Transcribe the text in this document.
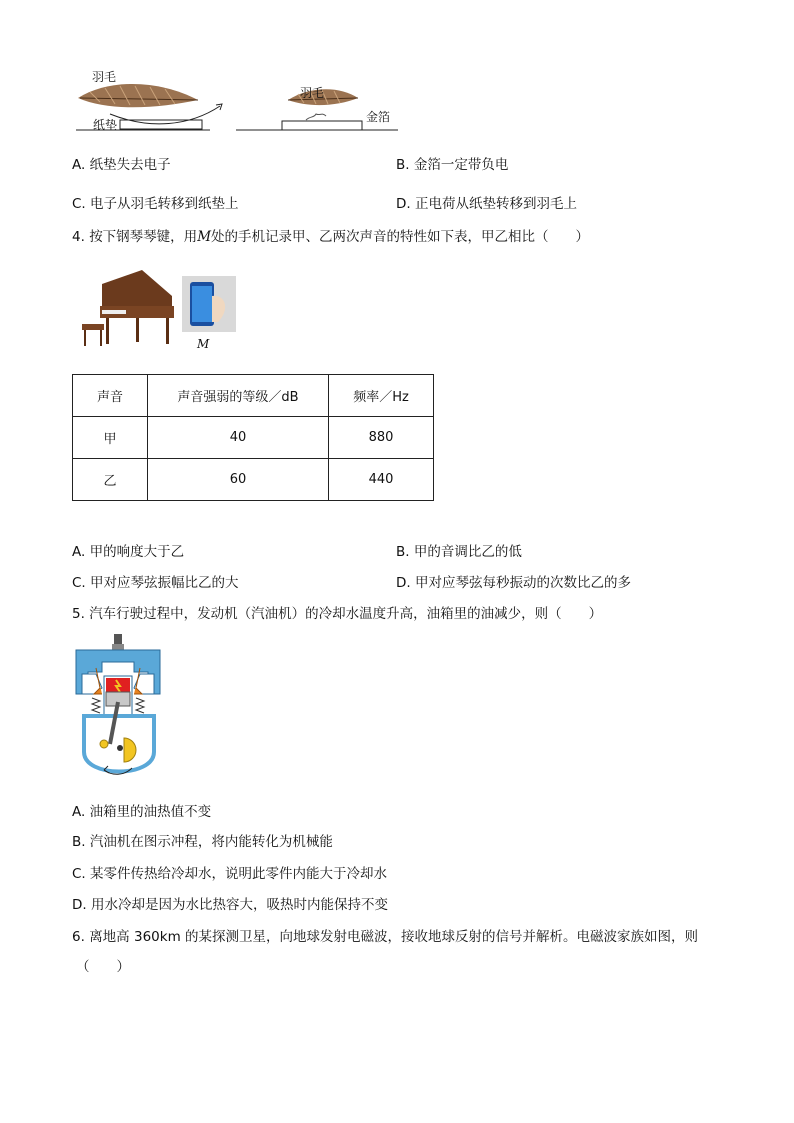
羽毛
纸垫
羽毛
金箔
A. 纸垫失去电子	B. 金箔一定带负电
C. 电子从羽毛转移到纸垫上	D. 正电荷从纸垫转移到羽毛上
4. 按下钢琴琴键，用M处的手机记录甲、乙两次声音的特性如下表，甲乙相比（　　）
M
声音	声音强弱的等级／dB	频率／Hz
甲	40	880
乙	60	440
A. 甲的响度大于乙	B. 甲的音调比乙的低
C. 甲对应琴弦振幅比乙的大	D. 甲对应琴弦每秒振动的次数比乙的多
5. 汽车行驶过程中，发动机（汽油机）的冷却水温度升高，油箱里的油减少，则（　　）
A. 油箱里的油热值不变
B. 汽油机在图示冲程，将内能转化为机械能
C. 某零件传热给冷却水，说明此零件内能大于冷却水
D. 用水冷却是因为水比热容大，吸热时内能保持不变
6. 离地高 360km 的某探测卫星，向地球发射电磁波，接收地球反射的信号并解析。电磁波家族如图，则
（　　）
